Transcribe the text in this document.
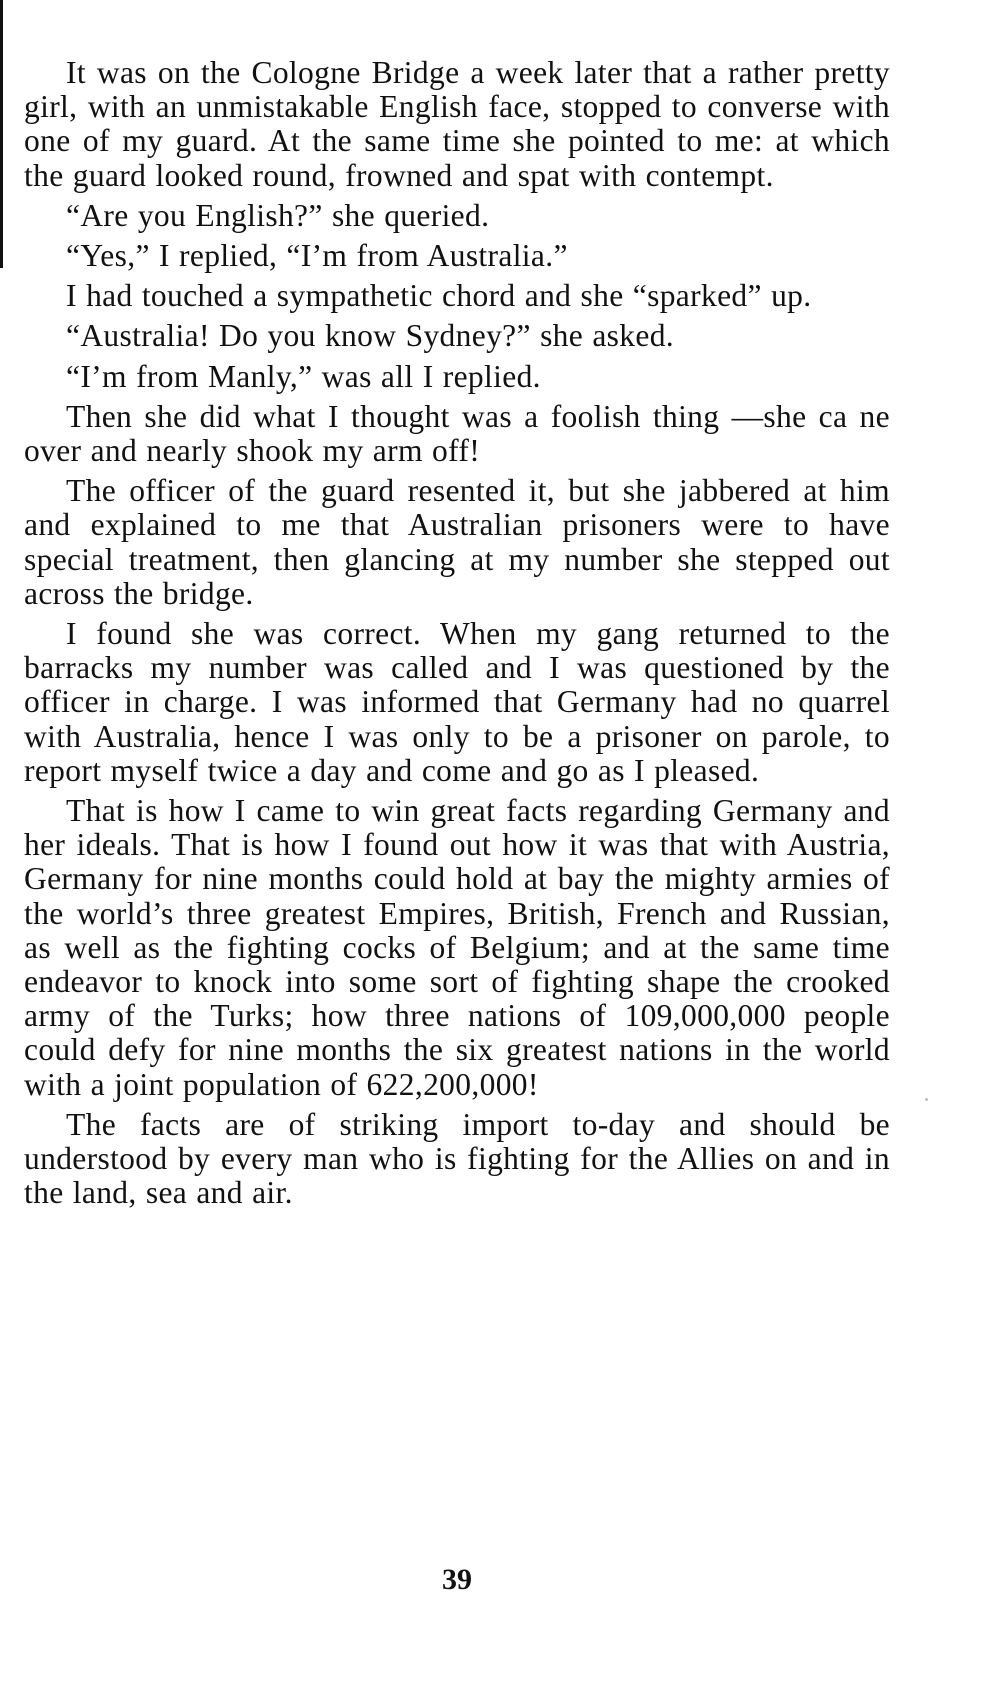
It was on the Cologne Bridge a week later that a rather pretty girl, with an unmistakable English face, stopped to converse with one of my guard. At the same time she pointed to me: at which the guard looked round, frowned and spat with contempt.

“Are you English?” she queried.

“Yes,” I replied, “I’m from Australia.”

I had touched a sympathetic chord and she “sparked” up.

“Australia! Do you know Sydney?” she asked.

“I’m from Manly,” was all I replied.

Then she did what I thought was a foolish thing —she ca ne over and nearly shook my arm off!

The officer of the guard resented it, but she jabbered at him and explained to me that Australian prisoners were to have special treatment, then glancing at my number she stepped out across the bridge.

I found she was correct. When my gang returned to the barracks my number was called and I was questioned by the officer in charge. I was informed that Germany had no quarrel with Australia, hence I was only to be a prisoner on parole, to report myself twice a day and come and go as I pleased.

That is how I came to win great facts regarding Germany and her ideals. That is how I found out how it was that with Austria, Germany for nine months could hold at bay the mighty armies of the world’s three greatest Empires, British, French and Russian, as well as the fighting cocks of Belgium; and at the same time endeavor to knock into some sort of fighting shape the crooked army of the Turks; how three nations of 109,000,000 people could defy for nine months the six greatest nations in the world with a joint population of 622,200,000!

The facts are of striking import to-day and should be understood by every man who is fighting for the Allies on and in the land, sea and air.

39
